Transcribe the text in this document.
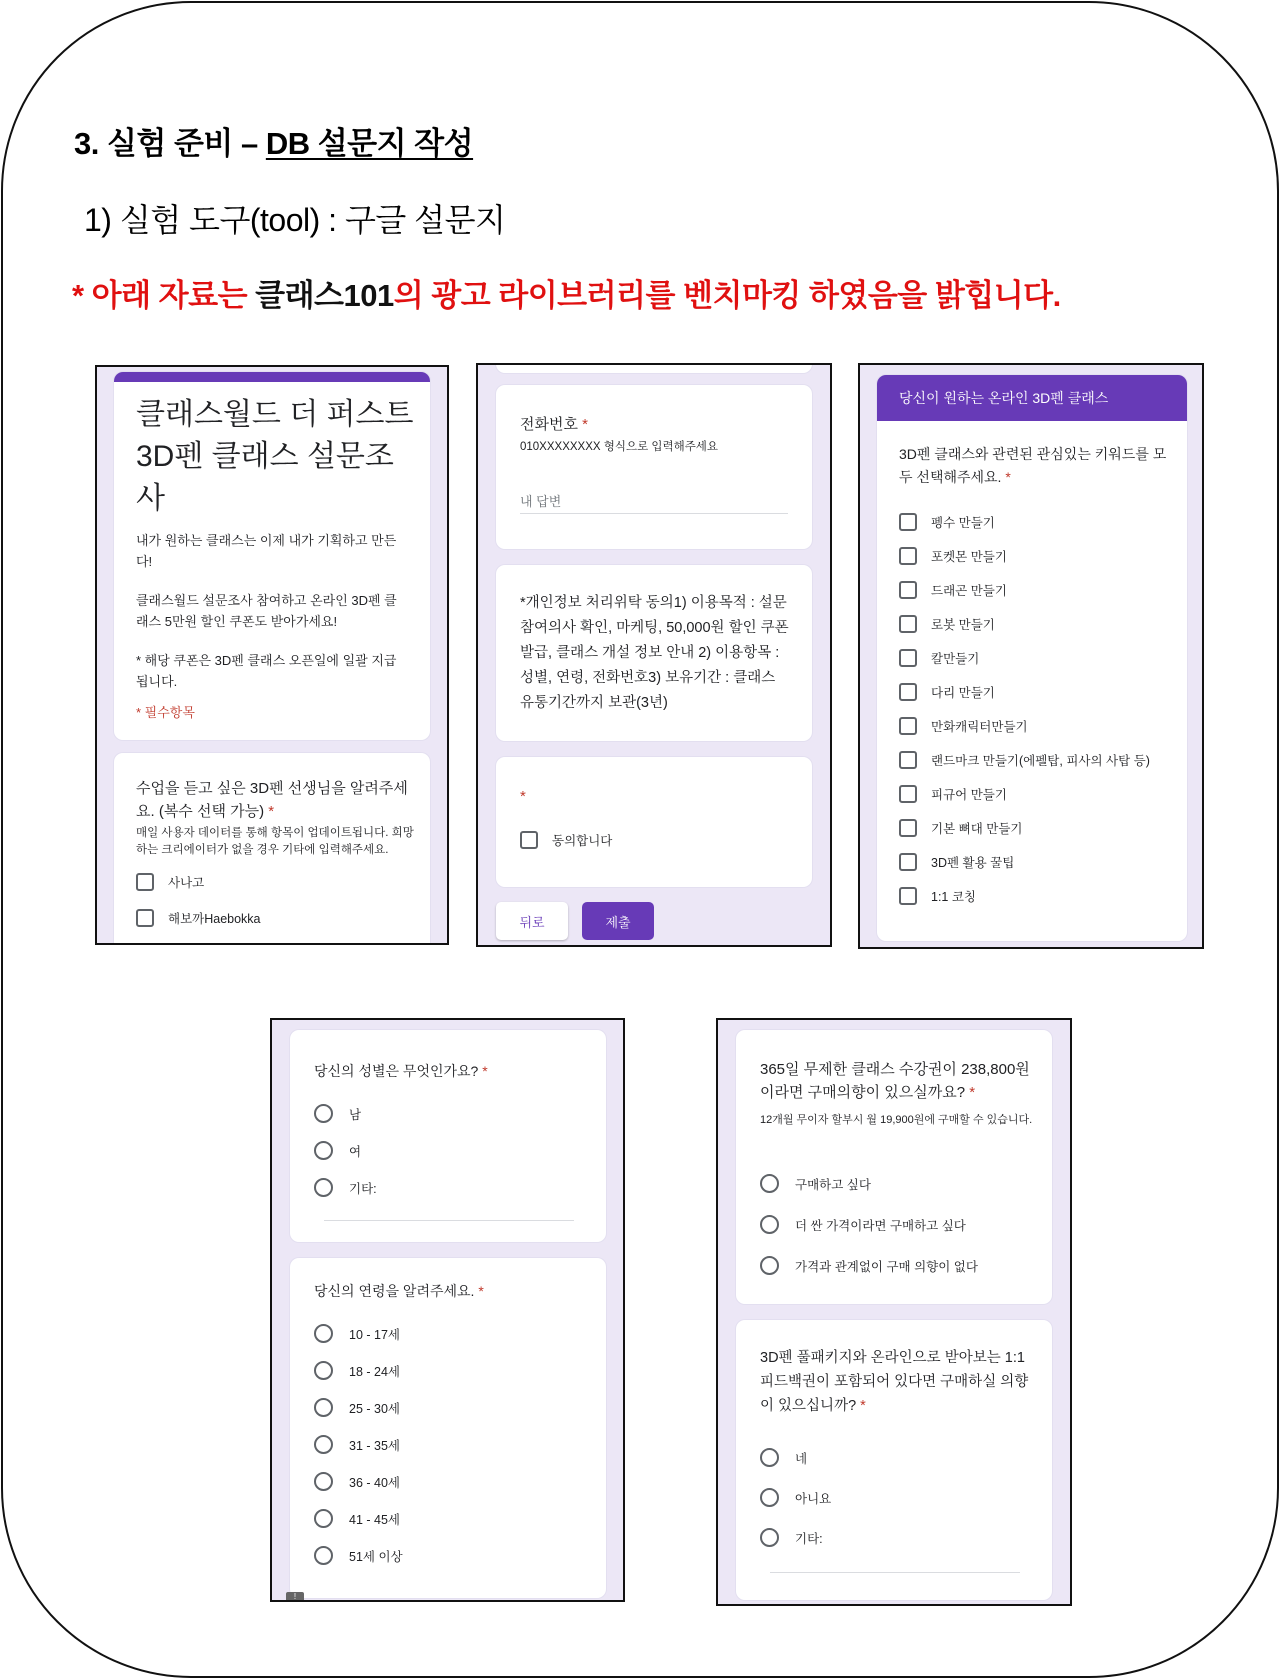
3. 실험 준비 – DB 설문지 작성
1) 실험 도구(tool) : 구글 설문지
* 아래 자료는 클래스101의 광고 라이브러리를 벤치마킹 하였음을 밝힙니다.
클래스월드 더 퍼스트
3D펜 클래스 설문조
사
내가 원하는 클래스는 이제 내가 기획하고 만든다!
클래스월드 설문조사 참여하고 온라인 3D펜 클래스 5만원 할인 쿠폰도 받아가세요!
* 해당 쿠폰은 3D펜 클래스 오픈일에 일괄 지급됩니다.
* 필수항목
수업을 듣고 싶은 3D펜 선생님을 알려주세요. (복수 선택 가능) *
매일 사용자 데이터를 통해 항목이 업데이트됩니다. 희망하는 크리에이터가 없을 경우 기타에 입력해주세요.
사나고
해보까Haebokka
전화번호 *
010XXXXXXXX 형식으로 입력해주세요
내 답변
*개인정보 처리위탁 동의1) 이용목적 : 설문참여의사 확인, 마케팅, 50,000원 할인 쿠폰 발급, 클래스 개설 정보 안내 2) 이용항목 : 성별, 연령, 전화번호3) 보유기간 : 클래스 유통기간까지 보관(3년)
*
동의합니다
뒤로	제출
당신이 원하는 온라인 3D펜 클래스
3D펜 클래스와 관련된 관심있는 키워드를 모두 선택해주세요. *
펭수 만들기
포켓몬 만들기
드래곤 만들기
로봇 만들기
칼만들기
다리 만들기
만화캐릭터만들기
랜드마크 만들기(에펠탑, 피사의 사탑 등)
피규어 만들기
기본 뼈대 만들기
3D펜 활용 꿀팁
1:1 코칭
당신의 성별은 무엇인가요? *
남
여
기타:
당신의 연령을 알려주세요. *
10 - 17세
18 - 24세
25 - 30세
31 - 35세
36 - 40세
41 - 45세
51세 이상
!
365일 무제한 클래스 수강권이 238,800원이라면 구매의향이 있으실까요? *
12개월 무이자 할부시 월 19,900원에 구매할 수 있습니다.
구매하고 싶다
더 싼 가격이라면 구매하고 싶다
가격과 관계없이 구매 의향이 없다
3D펜 풀패키지와 온라인으로 받아보는 1:1 피드백권이 포함되어 있다면 구매하실 의향이 있으십니까? *
네
아니요
기타:
